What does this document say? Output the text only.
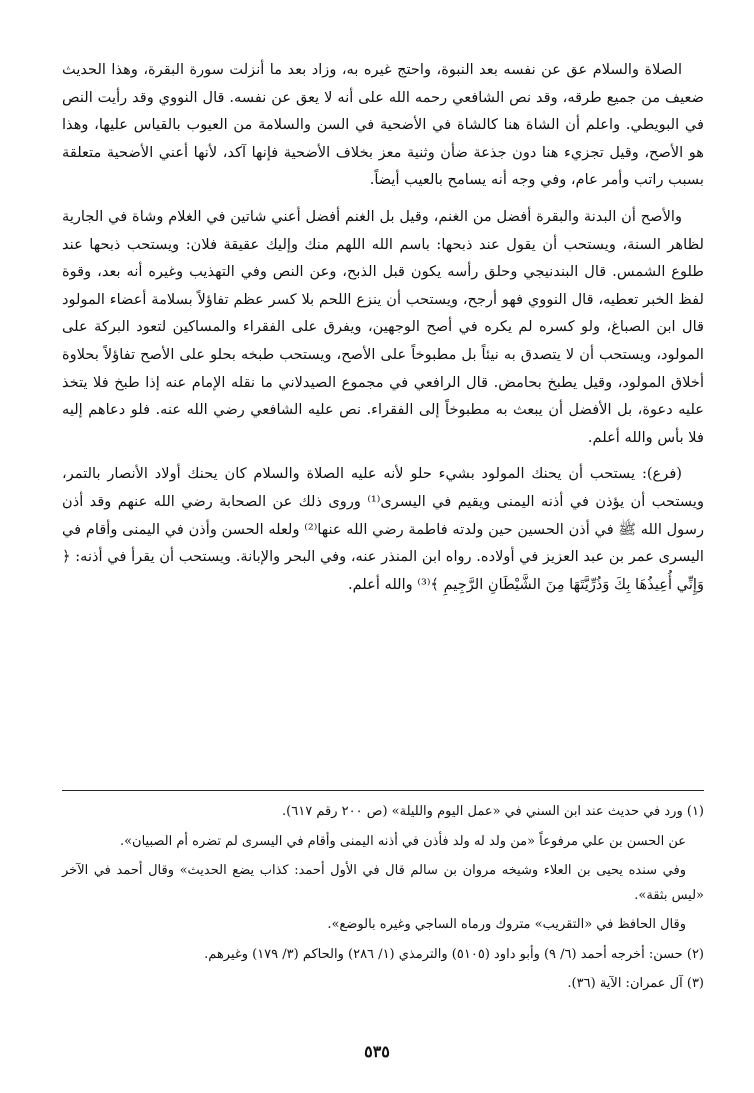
الصلاة والسلام عق عن نفسه بعد النبوة، واحتج غيره به، وزاد بعد ما أنزلت سورة البقرة، وهذا الحديث ضعيف من جميع طرقه، وقد نص الشافعي رحمه الله على أنه لا يعق عن نفسه. قال النووي وقد رأيت النص في البويطي. واعلم أن الشاة هنا كالشاة في الأضحية في السن والسلامة من العيوب بالقياس عليها، وهذا هو الأصح، وقيل تجزيء هنا دون جذعة ضأن وثنية معز بخلاف الأضحية فإنها آكد، لأنها أعني الأضحية متعلقة بسبب راتب وأمر عام، وفي وجه أنه يسامح بالعيب أيضاً.

والأصح أن البدنة والبقرة أفضل من الغنم، وقيل بل الغنم أفضل أعني شاتين في الغلام وشاة في الجارية لظاهر السنة، ويستحب أن يقول عند ذبحها: باسم الله اللهم منك وإليك عقيقة فلان: ويستحب ذبحها عند طلوع الشمس. قال البندنيجي وحلق رأسه يكون قبل الذبح، وعن النص وفي التهذيب وغيره أنه بعد، وقوة لفظ الخبر تعطيه، قال النووي فهو أرجح، ويستحب أن ينزع اللحم بلا كسر عظم تفاؤلاً بسلامة أعضاء المولود قال ابن الصباغ، ولو كسره لم يكره في أصح الوجهين، ويفرق على الفقراء والمساكين لتعود البركة على المولود، ويستحب أن لا يتصدق به نيئاً بل مطبوخاً على الأصح، ويستحب طبخه بحلو على الأصح تفاؤلاً بحلاوة أخلاق المولود، وقيل يطبخ بحامض. قال الرافعي في مجموع الصيدلاني ما نقله الإمام عنه إذا طبخ فلا يتخذ عليه دعوة، بل الأفضل أن يبعث به مطبوخاً إلى الفقراء. نص عليه الشافعي رضي الله عنه. فلو دعاهم إليه فلا بأس والله أعلم.

(فرع): يستحب أن يحنك المولود بشيء حلو لأنه عليه الصلاة والسلام كان يحنك أولاد الأنصار بالتمر، ويستحب أن يؤذن في أذنه اليمنى ويقيم في اليسرى⁽¹⁾ وروى ذلك عن الصحابة رضي الله عنهم وقد أذن رسول الله ﷺ في أذن الحسين حين ولدته فاطمة رضي الله عنها⁽²⁾ ولعله الحسن وأذن في اليمنى وأقام في اليسرى عمر بن عبد العزيز في أولاده. رواه ابن المنذر عنه، وفي البحر والإبانة. ويستحب أن يقرأ في أذنه: ﴿ وَإِنِّي أُعِيذُهَا بِكَ وَذُرِّيَّتَهَا مِنَ الشَّيْطَانِ الرَّجِيمِ ﴾⁽³⁾ والله أعلم.

(١) ورد في حديث عند ابن السني في «عمل اليوم والليلة» (ص ٢٠٠ رقم ٦١٧).

عن الحسن بن علي مرفوعاً «من ولد له ولد فأذن في أذنه اليمنى وأقام في اليسرى لم تضره أم الصبيان».

وفي سنده يحيى بن العلاء وشيخه مروان بن سالم قال في الأول أحمد: كذاب يضع الحديث» وقال أحمد في الآخر «ليس بثقة».

وقال الحافظ في «التقريب» متروك ورماه الساجي وغيره بالوضع».

(٢) حسن: أخرجه أحمد (٦/ ٩) وأبو داود (٥١٠٥) والترمذي (١/ ٢٨٦) والحاكم (٣/ ١٧٩) وغيرهم.

(٣) آل عمران: الآية (٣٦).

٥٣٥
